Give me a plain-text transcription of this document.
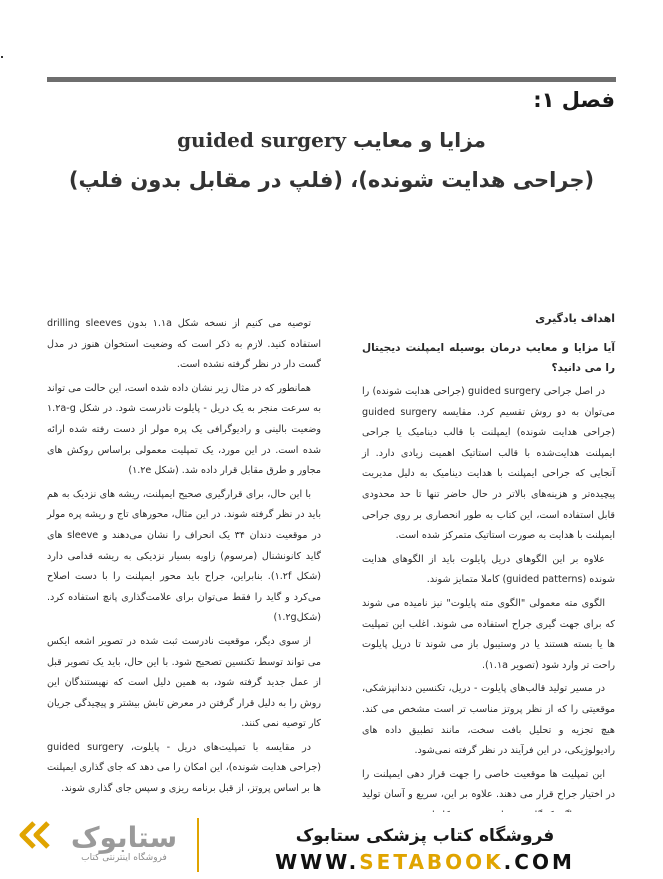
فصل ۱:
مزایا و معایب guided surgery
(جراحی هدایت شونده)، (فلپ در مقابل بدون فلپ)
اهداف یادگیری
آیا مزایا و معایب درمان بوسیله ایمپلنت دیجیتال را می دانید؟

در اصل جراحی guided surgery (جراحی هدایت شونده) را می‌توان به دو روش تقسیم کرد. مقایسه guided surgery (جراحی هدایت شونده) ایمپلنت با قالب دینامیک یا جراحی ایمپلنت هدایت‌شده با قالب استاتیک اهمیت زیادی دارد. از آنجایی که جراحی ایمپلنت با هدایت دینامیک به دلیل مدیریت پیچیده‌تر و هزینه‌های بالاتر در حال حاضر تنها تا حد محدودی قابل استفاده است، این کتاب به طور انحصاری بر روی جراحی ایمپلنت با هدایت به صورت استاتیک متمرکز شده است.

علاوه بر این الگوهای دریل پایلوت باید از الگوهای هدایت شونده (guided patterns) کاملا متمایز شوند.

الگوی مته معمولی "الگوی مته پایلوت" نیز نامیده می شوند که برای جهت گیری جراح استفاده می شوند. اغلب این تمپلیت ها یا بسته هستند یا در وستیبول باز می شوند تا دریل پایلوت راحت تر وارد شود (تصویر ۱.۱a).

در مسیر تولید قالب‌های پایلوت - دریل، تکنسین دندانپزشکی، موقعیتی را که از نظر پروتز مناسب تر است مشخص می کند. هیچ تجزیه و تحلیل بافت سخت، مانند تطبیق داده های رادیولوژیکی، در این فرآیند در نظر گرفته نمی‌شود.

این تمپلیت ها موقعیت خاصی را جهت قرار دهی ایمپلنت را در اختیار جراح قرار می دهند. علاوه بر این، سریع و آسان تولید

توصیه می کنیم از نسخه شکل ۱.۱a بدون drilling sleeves استفاده کنید. لازم به ذکر است که وضعیت استخوان هنوز در مدل گست دار در نظر گرفته نشده است.

همانطور که در مثال زیر نشان داده شده است، این حالت می تواند به سرعت منجر به یک دریل - پایلوت نادرست شود. در شکل ۱.۲a-g وضعیت بالینی و رادیوگرافی یک پره مولر از دست رفته شده ارائه شده است. در این مورد، یک تمپلیت معمولی براساس روکش های مجاور و طرق مقابل قرار داده شد. (شکل ۱.۲e)

با این حال، برای قرارگیری صحیح ایمپلنت، ریشه های نزدیک به هم باید در نظر گرفته شوند. در این مثال، محورهای تاج و ریشه پره مولر در موقعیت دندان ۳۴ یک انحراف را نشان می‌دهند و sleeve های گاید کانونشنال (مرسوم) زاویه بسیار نزدیکی به ریشه قدامی دارد (شکل ۱.۲f). بنابراین، جراح باید محور ایمپلنت را با دست اصلاح می‌کرد و گاید را فقط می‌توان برای علامت‌گذاری پانچ استفاده کرد. (شکل۱.۲g)

از سوی دیگر، موقعیت نادرست ثبت شده در تصویر اشعه ایکس می تواند توسط تکنسین تصحیح شود. با این حال، باید یک تصویر قبل از عمل جدید گرفته شود، به همین دلیل است که نهیستندگان این روش را به دلیل قرار گرفتن در معرض تابش بیشتر و پیچیدگی جریان کار توصیه نمی کنند.

در مقایسه با تمپلیت‌های دریل - پایلوت، guided surgery (جراحی هدایت شونده)، این امکان را می دهد که جای گذاری ایمپلنت ها بر اساس پروتز، از قبل برنامه ریزی و سپس جای گذاری شوند.

ستابوک
فروشگاه اینترنتی کتاب
فروشگاه کتاب پزشکی ستابوک
WWW.SETABOOK.COM
